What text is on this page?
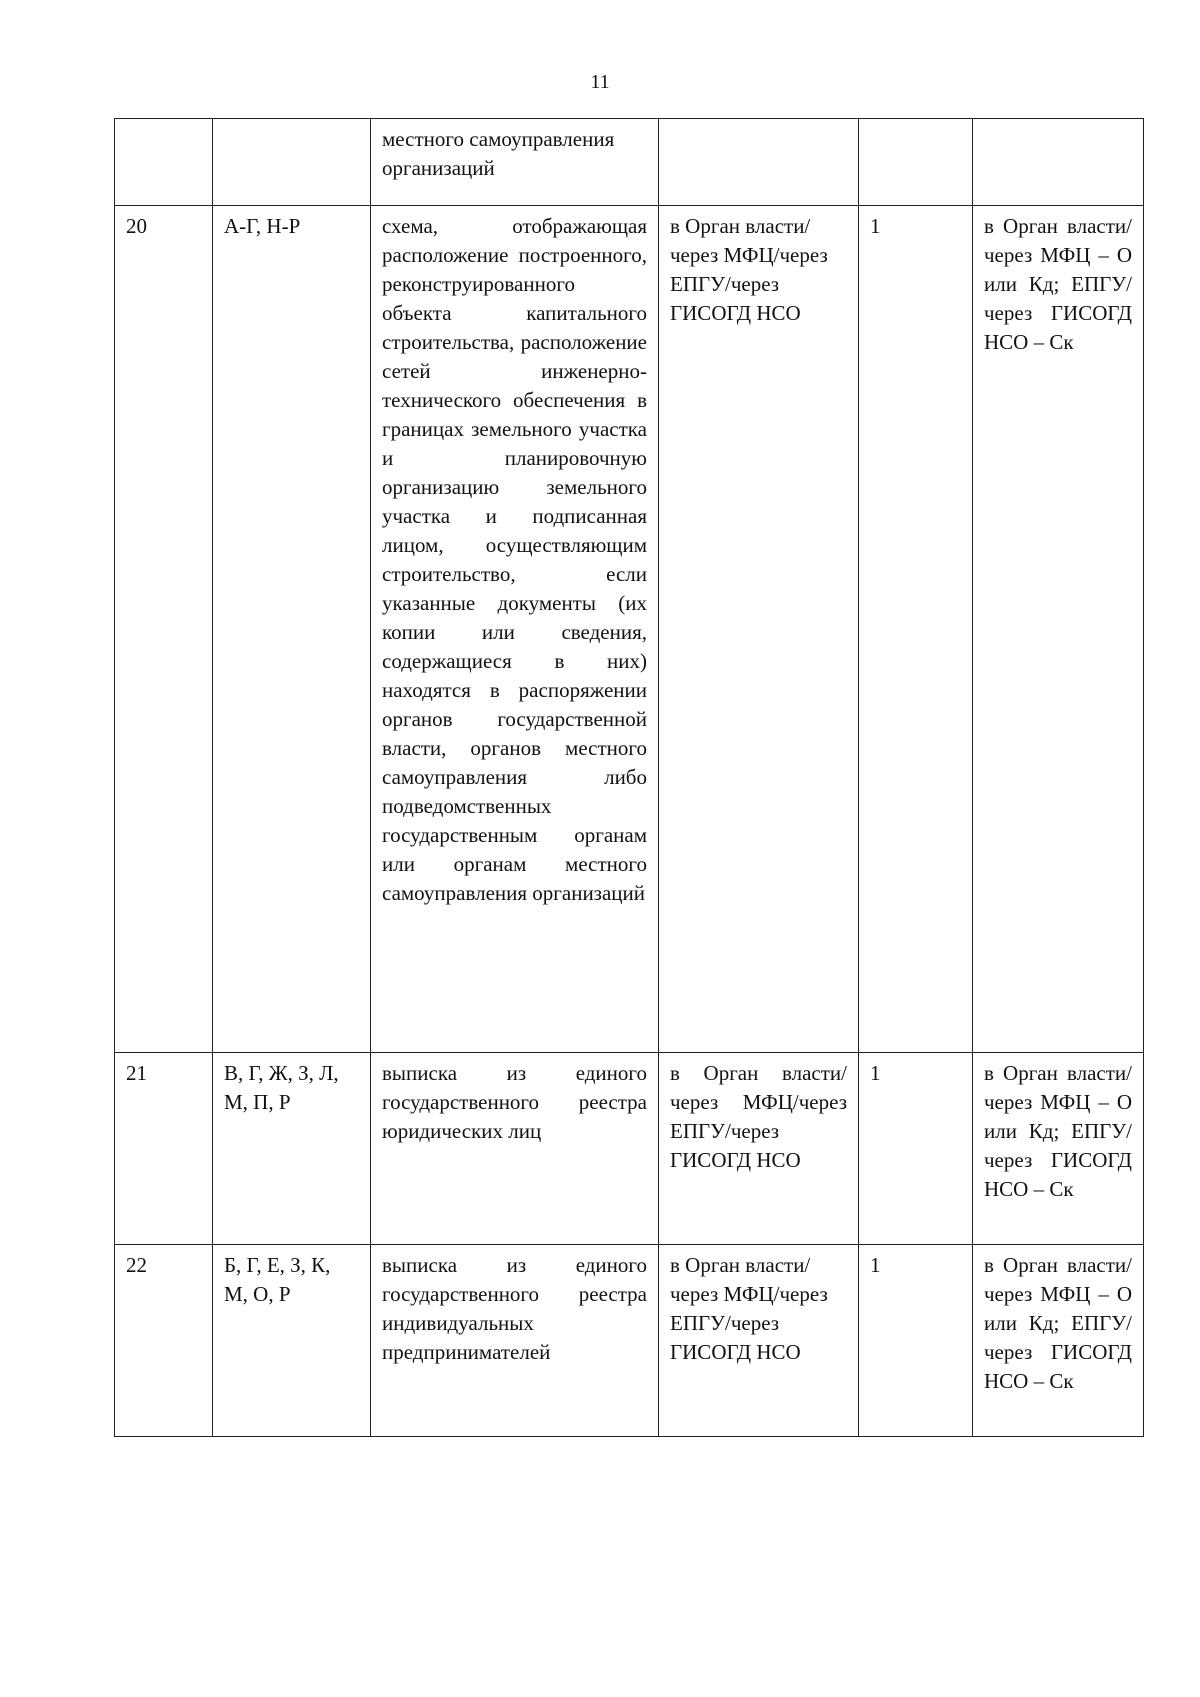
11
		местного самоуправления организаций			
20	А-Г, Н-Р	схема, отображающая расположение построенного, реконструированного объекта капитального строительства, расположение сетей инженерно-технического обеспечения в границах земельного участка и планировочную организацию земельного участка и подписанная лицом, осуществляющим строительство, если указанные документы (их копии или сведения, содержащиеся в них) находятся в распоряжении органов государственной власти, органов местного самоуправления либо подведомственных государственным органам или органам местного самоуправления организаций	в Орган власти/через МФЦ/через ЕПГУ/через ГИСОГД НСО	1	в Орган власти/через МФЦ – О или Кд; ЕПГУ/через ГИСОГД НСО – Ск
21	В, Г, Ж, З, Л, М, П, Р	выписка из единого государственного реестра юридических лиц	в Орган власти/через МФЦ/через ЕПГУ/через ГИСОГД НСО	1	в Орган власти/через МФЦ – О или Кд; ЕПГУ/через ГИСОГД НСО – Ск
22	Б, Г, Е, З, К, М, О, Р	выписка из единого государственного реестра индивидуальных предпринимателей	в Орган власти/через МФЦ/через ЕПГУ/через ГИСОГД НСО	1	в Орган власти/через МФЦ – О или Кд; ЕПГУ/через ГИСОГД НСО – Ск
